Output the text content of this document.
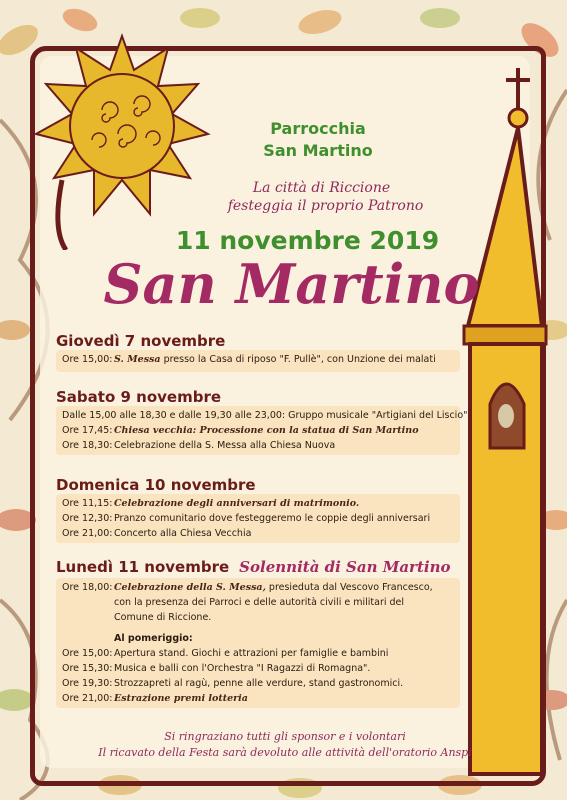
Parrocchia
San Martino
La città di Riccione
festeggia il proprio Patrono
11 novembre 2019
San Martino
Giovedì 7 novembre
Ore 15,00: S. Messa presso la Casa di riposo "F. Pullè", con Unzione dei malati
Sabato 9 novembre
Dalle 15,00 alle 18,30 e dalle 19,30 alle 23,00: Gruppo musicale "Artigiani del Liscio"
Ore 17,45: Chiesa vecchia: Processione con la statua di San Martino
Ore 18,30: Celebrazione della S. Messa alla Chiesa Nuova
Domenica 10 novembre
Ore 11,15: Celebrazione degli anniversari di matrimonio.
Ore 12,30: Pranzo comunitario dove festeggeremo le coppie degli anniversari
Ore 21,00: Concerto alla Chiesa Vecchia
Lunedì 11 novembre Solennità di San Martino
Ore 18,00: Celebrazione della S. Messa, presieduta dal Vescovo Francesco,
con la presenza dei Parroci e delle autorità civili e militari del
Comune di Riccione.
Al pomeriggio:
Ore 15,00: Apertura stand. Giochi e attrazioni per famiglie e bambini
Ore 15,30: Musica e balli con l'Orchestra "I Ragazzi di Romagna".
Ore 19,30: Strozzapreti al ragù, penne alle verdure, stand gastronomici.
Ore 21,00: Estrazione premi lotteria
Si ringraziano tutti gli sponsor e i volontari
Il ricavato della Festa sarà devoluto alle attività dell'oratorio Anspi
